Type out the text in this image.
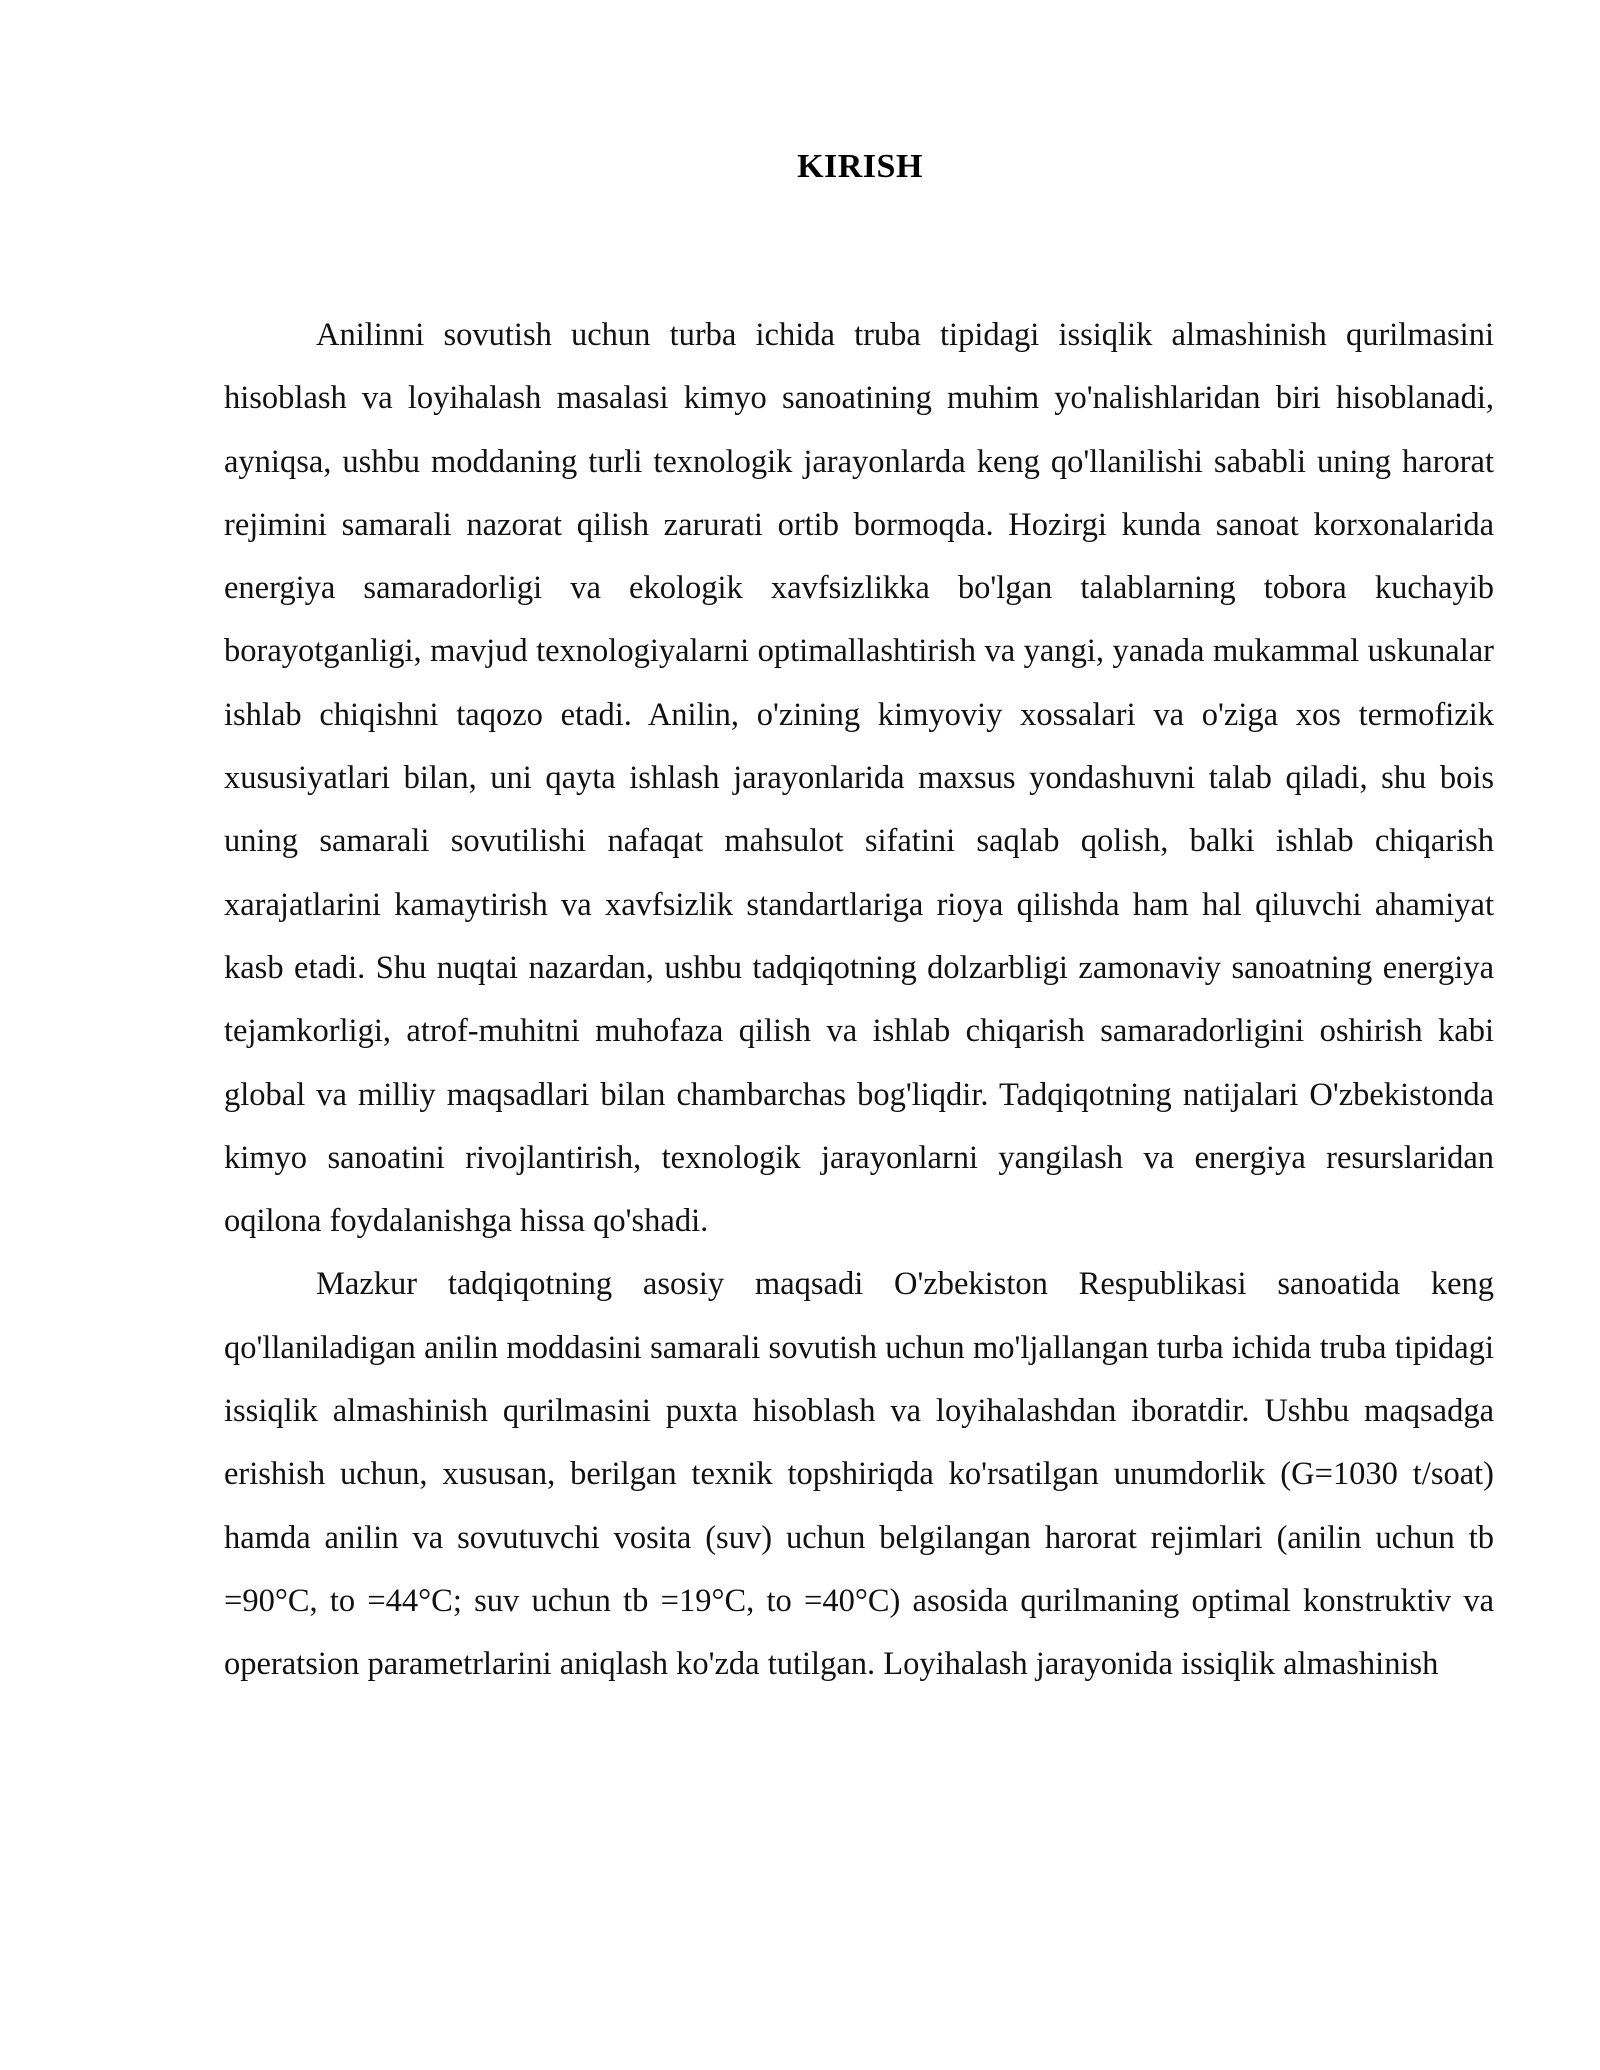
KIRISH

Anilinni sovutish uchun turba ichida truba tipidagi issiqlik almashinish qurilmasini hisoblash va loyihalash masalasi kimyo sanoatining muhim yo'nalishlaridan biri hisoblanadi, ayniqsa, ushbu moddaning turli texnologik jarayonlarda keng qo'llanilishi sababli uning harorat rejimini samarali nazorat qilish zarurati ortib bormoqda. Hozirgi kunda sanoat korxonalarida energiya samaradorligi va ekologik xavfsizlikka bo'lgan talablarning tobora kuchayib borayotganligi, mavjud texnologiyalarni optimallashtirish va yangi, yanada mukammal uskunalar ishlab chiqishni taqozo etadi. Anilin, o'zining kimyoviy xossalari va o'ziga xos termofizik xususiyatlari bilan, uni qayta ishlash jarayonlarida maxsus yondashuvni talab qiladi, shu bois uning samarali sovutilishi nafaqat mahsulot sifatini saqlab qolish, balki ishlab chiqarish xarajatlarini kamaytirish va xavfsizlik standartlariga rioya qilishda ham hal qiluvchi ahamiyat kasb etadi. Shu nuqtai nazardan, ushbu tadqiqotning dolzarbligi zamonaviy sanoatning energiya tejamkorligi, atrof-muhitni muhofaza qilish va ishlab chiqarish samaradorligini oshirish kabi global va milliy maqsadlari bilan chambarchas bog'liqdir. Tadqiqotning natijalari O'zbekistonda kimyo sanoatini rivojlantirish, texnologik jarayonlarni yangilash va energiya resurslaridan oqilona foydalanishga hissa qo'shadi.

Mazkur tadqiqotning asosiy maqsadi O'zbekiston Respublikasi sanoatida keng qo'llaniladigan anilin moddasini samarali sovutish uchun mo'ljallangan turba ichida truba tipidagi issiqlik almashinish qurilmasini puxta hisoblash va loyihalashdan iboratdir. Ushbu maqsadga erishish uchun, xususan, berilgan texnik topshiriqda ko'rsatilgan unumdorlik (G=1030 t/soat) hamda anilin va sovutuvchi vosita (suv) uchun belgilangan harorat rejimlari (anilin uchun tb =90°C, to =44°C; suv uchun tb =19°C, to =40°C) asosida qurilmaning optimal konstruktiv va operatsion parametrlarini aniqlash ko'zda tutilgan. Loyihalash jarayonida issiqlik almashinish
